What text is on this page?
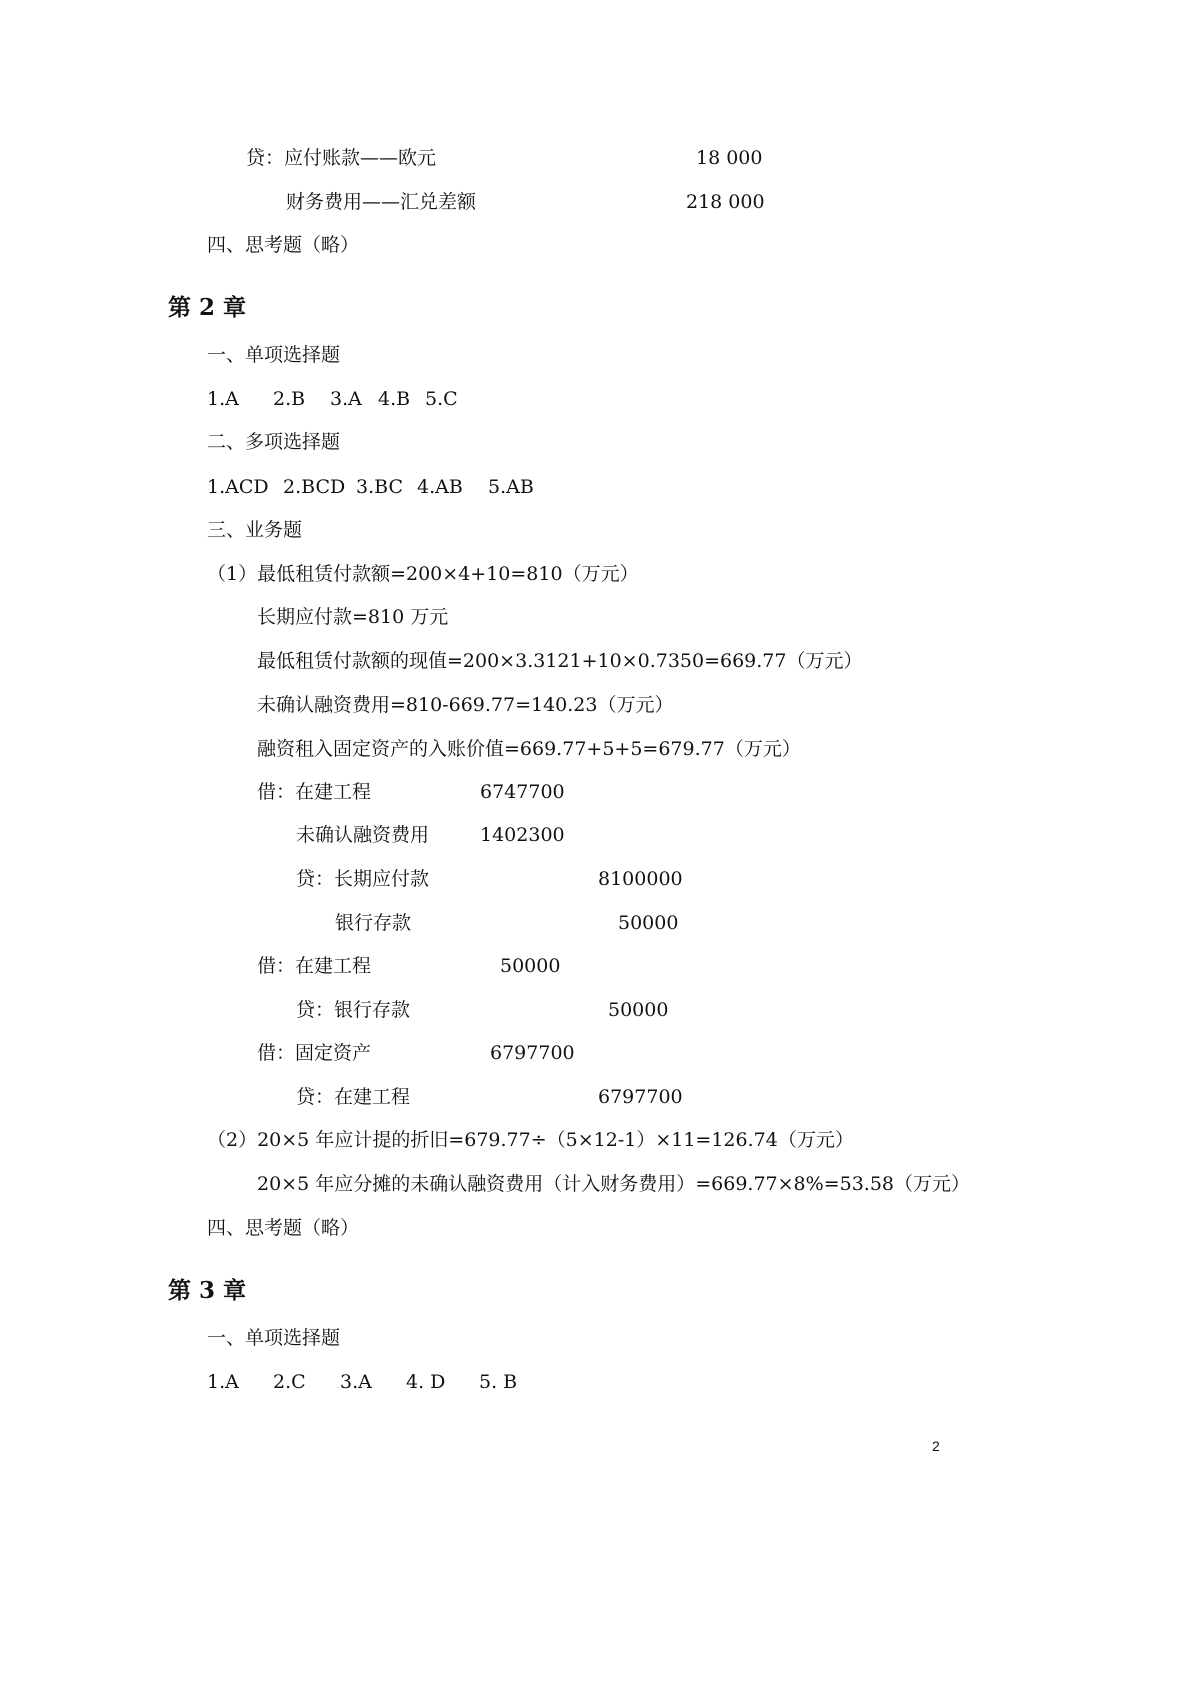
贷：应付账款——欧元	18 000
财务费用——汇兑差额	218 000
四、思考题（略）
第 2 章
一、单项选择题
1.A 2.B 3.A 4.B 5.C
二、多项选择题
1.ACD 2.BCD 3.BC 4.AB 5.AB
三、业务题
（1）最低租赁付款额=200×4+10=810（万元）
长期应付款=810 万元
最低租赁付款额的现值=200×3.3121+10×0.7350=669.77（万元）
未确认融资费用=810-669.77=140.23（万元）
融资租入固定资产的入账价值=669.77+5+5=679.77（万元）
借：在建工程	6747700
未确认融资费用	1402300
贷：长期应付款	8100000
银行存款	50000
借：在建工程	50000
贷：银行存款	50000
借：固定资产	6797700
贷：在建工程	6797700
（2）20×5 年应计提的折旧=679.77÷（5×12-1）×11=126.74（万元）
20×5 年应分摊的未确认融资费用（计入财务费用）=669.77×8%=53.58（万元）
四、思考题（略）
第 3 章
一、单项选择题
1.A 2.C 3.A 4. D 5. B
2
